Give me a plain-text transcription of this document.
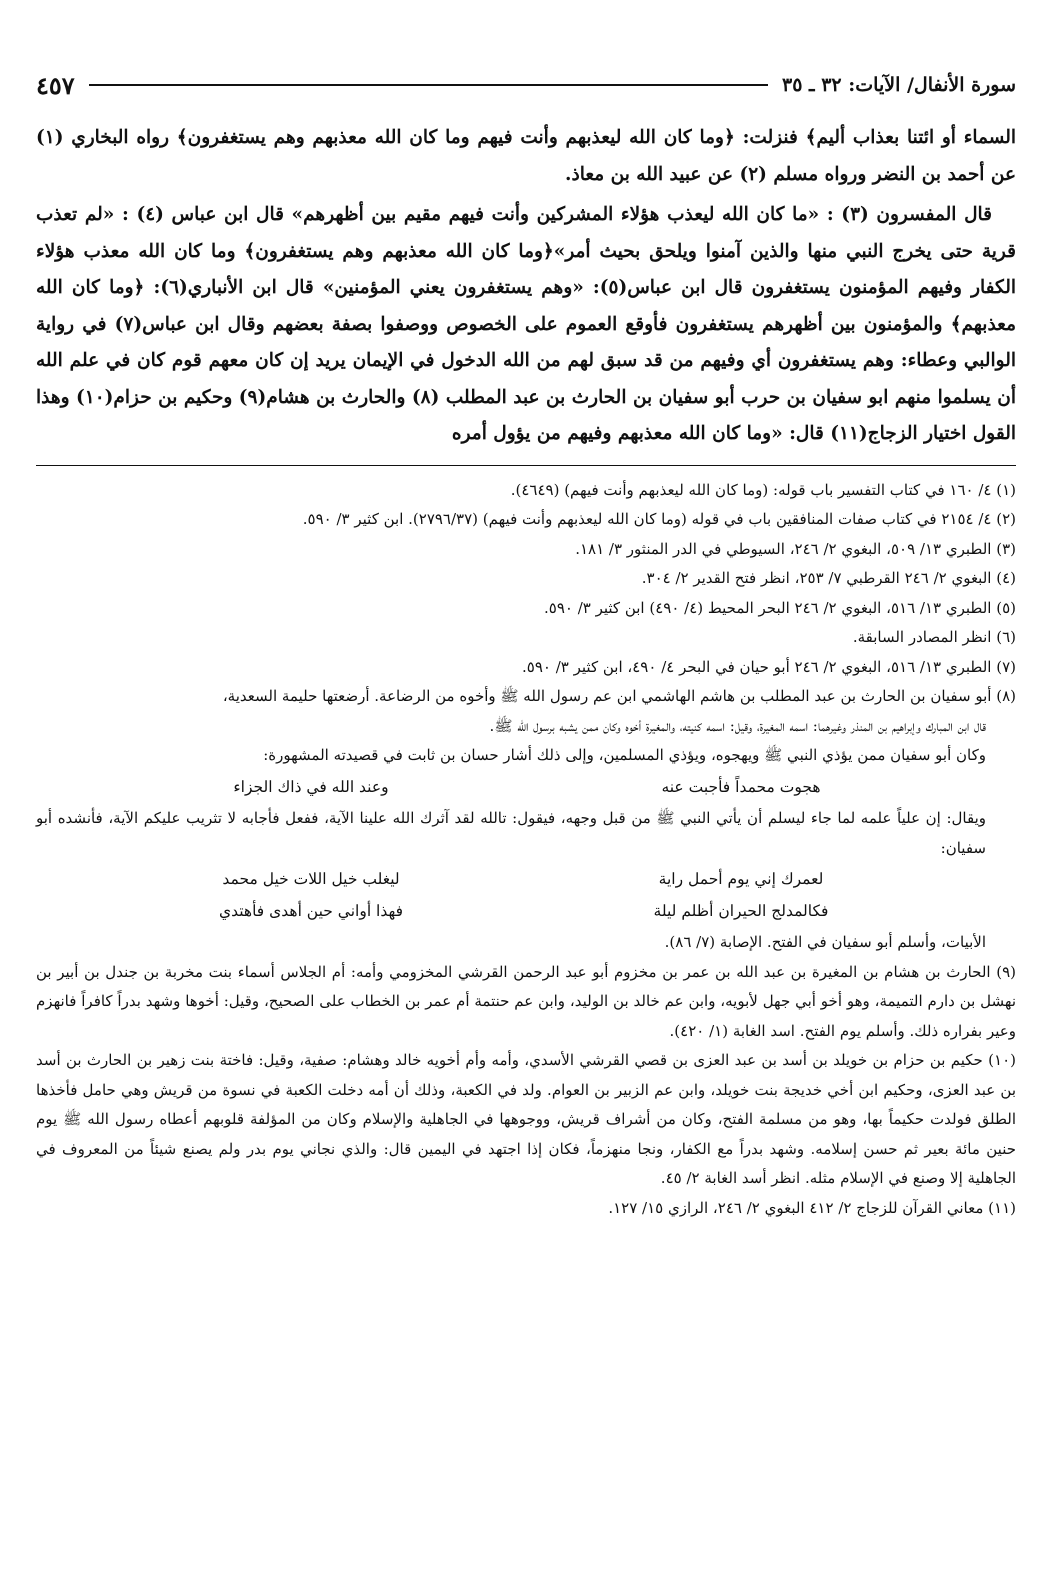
سورة الأنفال/ الآيات: ٣٢ ـ ٣٥
٤٥٧

السماء أو ائتنا بعذاب أليم﴾ فنزلت: ﴿وما كان الله ليعذبهم وأنت فيهم وما كان الله معذبهم وهم يستغفرون﴾ رواه البخاري (١) عن أحمد بن النضر ورواه مسلم (٢) عن عبيد الله بن معاذ.

قال المفسرون (٣) : «ما كان الله ليعذب هؤلاء المشركين وأنت فيهم مقيم بين أظهرهم» قال ابن عباس (٤) : «لم تعذب قرية حتى يخرج النبي منها والذين آمنوا ويلحق بحيث أمر»﴿وما كان الله معذبهم وهم يستغفرون﴾ وما كان الله معذب هؤلاء الكفار وفيهم المؤمنون يستغفرون قال ابن عباس(٥): «وهم يستغفرون يعني المؤمنين» قال ابن الأنباري(٦): ﴿وما كان الله معذبهم﴾ والمؤمنون بين أظهرهم يستغفرون فأوقع العموم على الخصوص ووصفوا بصفة بعضهم وقال ابن عباس(٧) في رواية الوالبي وعطاء: وهم يستغفرون أي وفيهم من قد سبق لهم من الله الدخول في الإيمان يريد إن كان معهم قوم كان في علم الله أن يسلموا منهم ابو سفيان بن حرب أبو سفيان بن الحارث بن عبد المطلب (٨) والحارث بن هشام(٩) وحكيم بن حزام(١٠) وهذا القول اختيار الزجاج(١١) قال: «وما كان الله معذبهم وفيهم من يؤول أمره

(١) ٤/ ١٦٠ في كتاب التفسير باب قوله: (وما كان الله ليعذبهم وأنت فيهم) (٤٦٤٩).

(٢) ٤/ ٢١٥٤ في كتاب صفات المنافقين باب في قوله (وما كان الله ليعذبهم وأنت فيهم) (٢٧٩٦/٣٧). ابن كثير ٣/ ٥٩٠.

(٣) الطبري ١٣/ ٥٠٩، البغوي ٢/ ٢٤٦، السيوطي في الدر المنثور ٣/ ١٨١.

(٤) البغوي ٢/ ٢٤٦ القرطبي ٧/ ٢٥٣، انظر فتح القدير ٢/ ٣٠٤.

(٥) الطبري ١٣/ ٥١٦، البغوي ٢/ ٢٤٦ البحر المحيط (٤/ ٤٩٠) ابن كثير ٣/ ٥٩٠.

(٦) انظر المصادر السابقة.

(٧) الطبري ١٣/ ٥١٦، البغوي ٢/ ٢٤٦ أبو حيان في البحر ٤/ ٤٩٠، ابن كثير ٣/ ٥٩٠.

(٨) أبو سفيان بن الحارث بن عبد المطلب بن هاشم الهاشمي ابن عم رسول الله ﷺ وأخوه من الرضاعة. أرضعتها حليمة السعدية،

قال ابن المبارك وإبراهيم بن المنذر وغيرهما: اسمه المغيرة، وقيل: اسمه كنيته، والمغيرة أخوه وكان ممن يشبه برسول الله ﷺ.

وكان أبو سفيان ممن يؤذي النبي ﷺ ويهجوه، ويؤذي المسلمين، وإلى ذلك أشار حسان بن ثابت في قصيدته المشهورة:

هجوت محمداً فأجبت عنه
وعند الله في ذاك الجزاء

ويقال: إن علياً علمه لما جاء ليسلم أن يأتي النبي ﷺ من قبل وجهه، فيقول: تالله لقد آثرك الله علينا الآية، ففعل فأجابه لا تثريب عليكم الآية، فأنشده أبو سفيان:

لعمرك إني يوم أحمل راية
ليغلب خيل اللات خيل محمد
فكالمدلج الحيران أظلم ليلة
فهذا أواني حين أهدى فأهتدي

الأبيات، وأسلم أبو سفيان في الفتح. الإصابة (٧/ ٨٦).

(٩) الحارث بن هشام بن المغيرة بن عبد الله بن عمر بن مخزوم أبو عبد الرحمن القرشي المخزومي وأمه: أم الجلاس أسماء بنت مخربة بن جندل بن أبير بن نهشل بن دارم التميمة، وهو أخو أبي جهل لأبويه، وابن عم خالد بن الوليد، وابن عم حنتمة أم عمر بن الخطاب على الصحيح، وقيل: أخوها وشهد بدراً كافراً فانهزم وعير بفراره ذلك. وأسلم يوم الفتح. اسد الغابة (١/ ٤٢٠).

(١٠) حكيم بن حزام بن خويلد بن أسد بن عبد العزى بن قصي القرشي الأسدي، وأمه وأم أخويه خالد وهشام: صفية، وقيل: فاختة بنت زهير بن الحارث بن أسد بن عبد العزى، وحكيم ابن أخي خديجة بنت خويلد، وابن عم الزبير بن العوام. ولد في الكعبة، وذلك أن أمه دخلت الكعبة في نسوة من قريش وهي حامل فأخذها الطلق فولدت حكيماً بها، وهو من مسلمة الفتح، وكان من أشراف قريش، ووجوهها في الجاهلية والإسلام وكان من المؤلفة قلوبهم أعطاه رسول الله ﷺ يوم حنين مائة بعير ثم حسن إسلامه. وشهد بدراً مع الكفار، ونجا منهزماً، فكان إذا اجتهد في اليمين قال: والذي نجاني يوم بدر ولم يصنع شيئاً من المعروف في الجاهلية إلا وصنع في الإسلام مثله. انظر أسد الغابة ٢/ ٤٥.

(١١) معاني القرآن للزجاج ٢/ ٤١٢ البغوي ٢/ ٢٤٦، الرازي ١٥/ ١٢٧.
